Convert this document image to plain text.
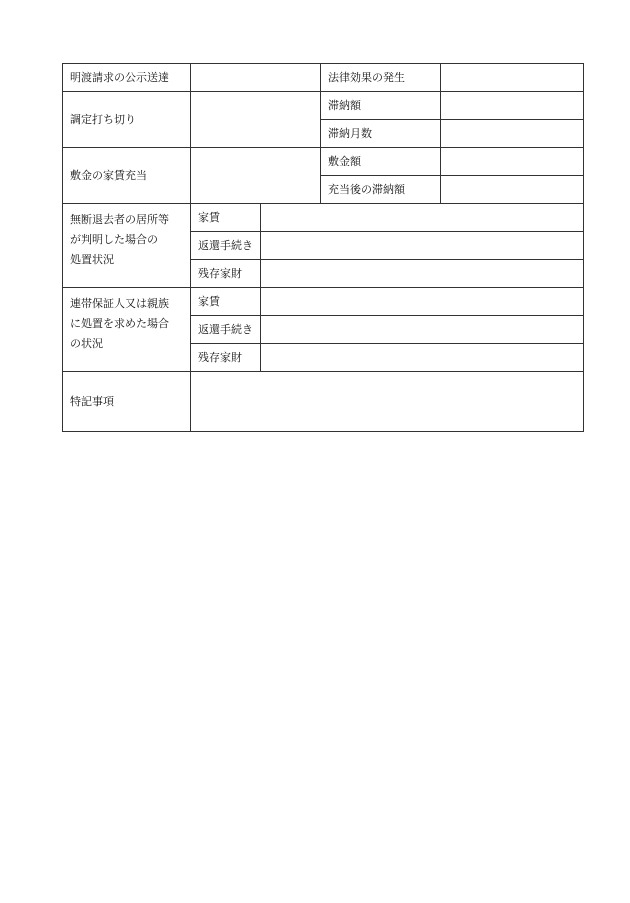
明渡請求の公示送達			法律効果の発生	
調定打ち切り			滞納額	
			滞納月数	
敷金の家賃充当			敷金額	
			充当後の滞納額	

無断退去者の居所等
が判明した場合の
処置状況	家賃			
	返還手続き			
	残存家財			

連帯保証人又は親族
に処置を求めた場合
の状況	家賃			
	返還手続き			
	残存家財			
特記事項				
